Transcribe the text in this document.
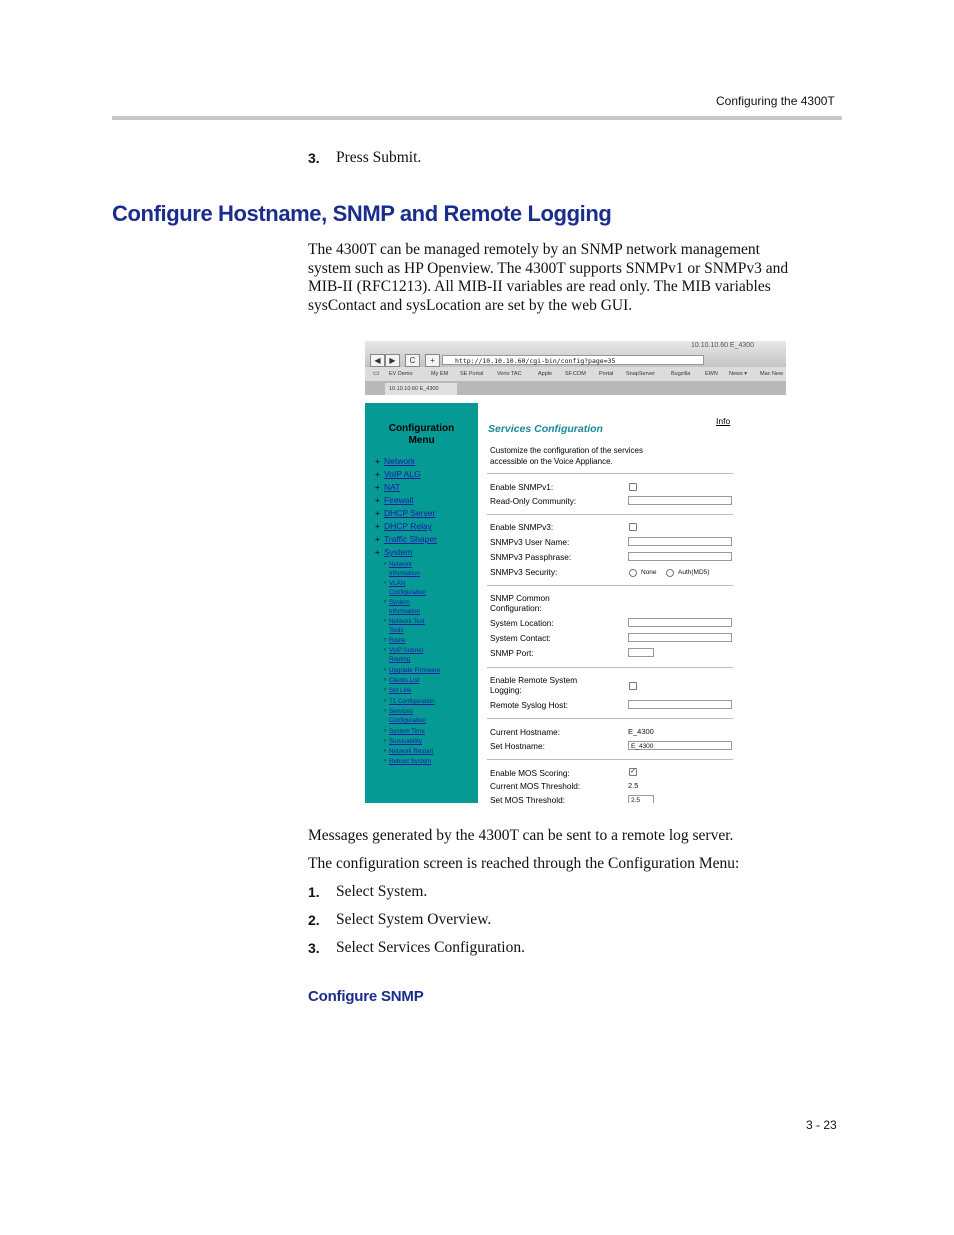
Configuring the 4300T
3. Press Submit.
Configure Hostname, SNMP and Remote Logging
The 4300T can be managed remotely by an SNMP network management
system such as HP Openview. The 4300T supports SNMPv1 or SNMPv3 and
MIB-II (RFC1213). All MIB-II variables are read only. The MIB variables
sysContact and sysLocation are set by the web GUI.
◀	▶	C	+	http://10.10.10.60/cgi-bin/config?page=35
10.10.10.60 E_4300
▭ EV Demo	My EM SE Portal	Verio TAC	Apple SF.COM Portal SnapServer	Bugzilla	EWN News ▾ Mac New
10.10.10.60 E_4300
Configuration
Menu
+ Network
+ VoIP ALG
+ NAT
+ Firewall
+ DHCP Server
+ DHCP Relay
+ Traffic Shaper
+ System
› Network
Information
› VLAN
Configuration
› System
Information
› Network Test
Tools
› Route
› VoIP Subnet
Routing
› Upgrade Firmware
› Clients List
› Set Link
› T1 Configuration
› Services
Configuration
› System Time
› Survivability
› Network Restart
› Reboot System
Info
Services Configuration
Customize the configuration of the services
accessible on the Voice Appliance.
Enable SNMPv1:
Read-Only Community:
Enable SNMPv3:
SNMPv3 User Name:
SNMPv3 Passphrase:
SNMPv3 Security:	None	Auth(MD5)
SNMP Common
Configuration:
System Location:
System Contact:
SNMP Port:
Enable Remote System
Logging:
Remote Syslog Host:
Current Hostname:	E_4300
Set Hostname:	E_4300
Enable MOS Scoring:	✓
Current MOS Threshold:	2.5
Set MOS Threshold:	2.5
Messages generated by the 4300T can be sent to a remote log server.
The configuration screen is reached through the Configuration Menu:
1. Select System.
2. Select System Overview.
3. Select Services Configuration.
Configure SNMP
3 - 23
